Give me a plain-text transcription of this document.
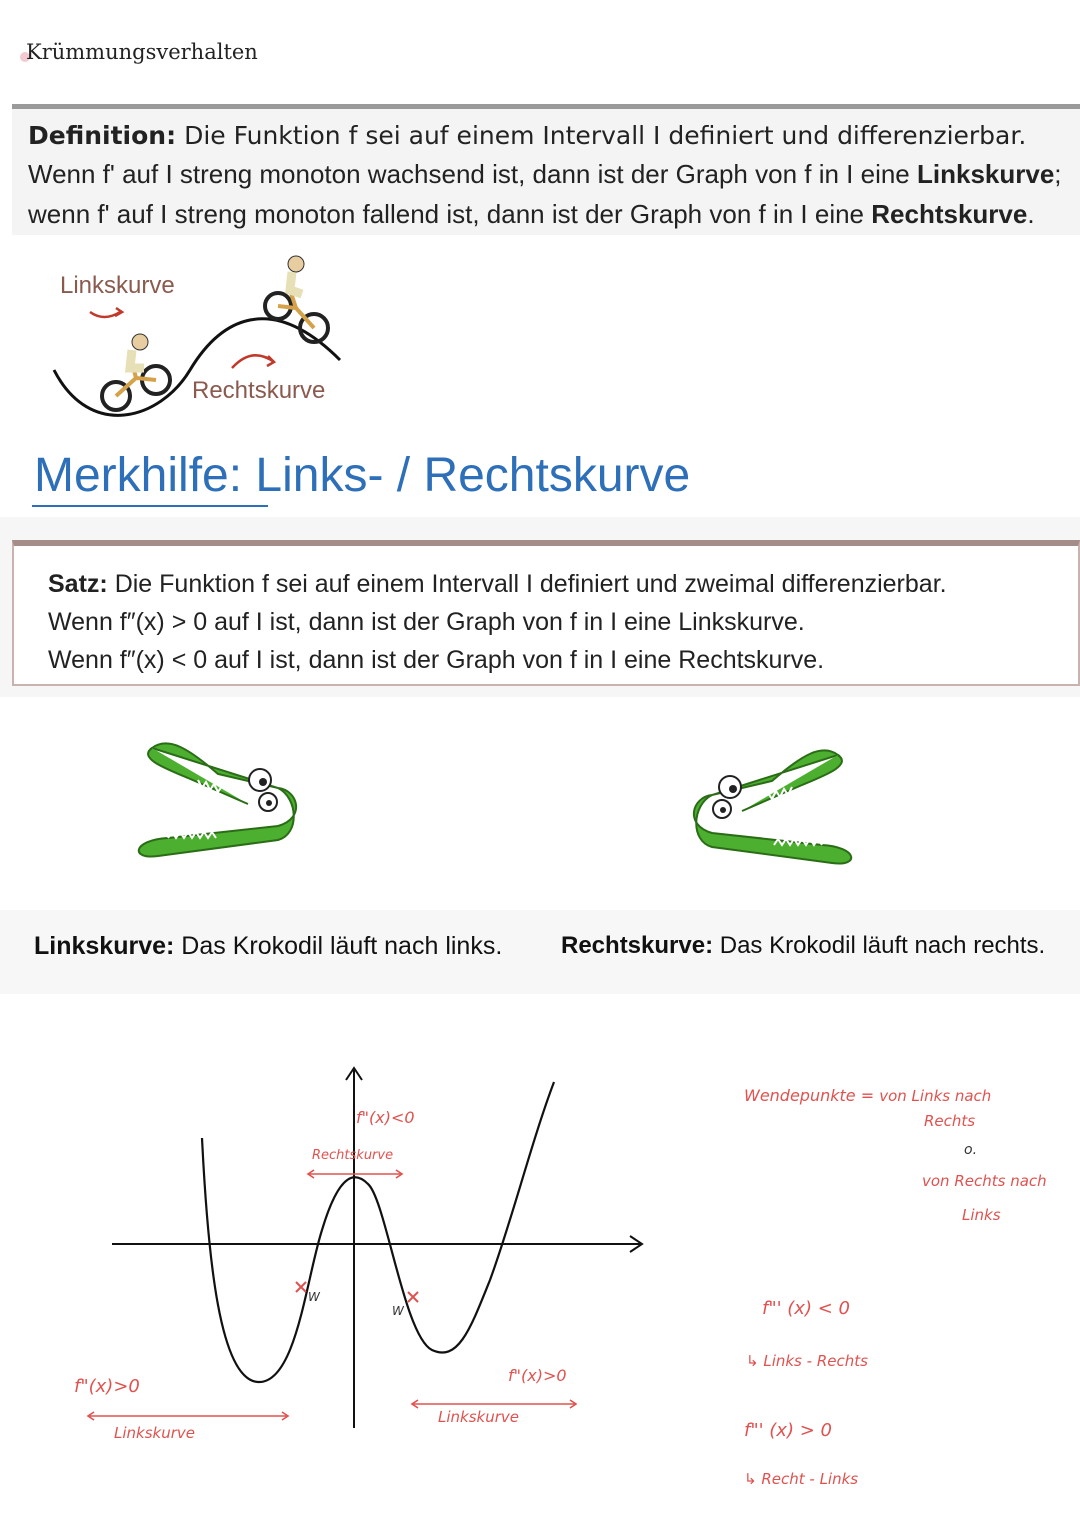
Krümmungsverhalten

Definition: Die Funktion f sei auf einem Intervall I definiert und differenzierbar.

Wenn f' auf I streng monoton wachsend ist, dann ist der Graph von f in I eine Linkskurve;

wenn f' auf I streng monoton fallend ist, dann ist der Graph von f in I eine Rechtskurve.

Linkskurve
Rechtskurve
Merkhilfe: Links- / Rechtskurve

Satz: Die Funktion f sei auf einem Intervall I definiert und zweimal differenzierbar.

Wenn f″(x) > 0 auf I ist, dann ist der Graph von f in I eine Linkskurve.

Wenn f″(x) < 0 auf I ist, dann ist der Graph von f in I eine Rechtskurve.

Linkskurve: Das Krokodil läuft nach links. Rechtskurve: Das Krokodil läuft nach rechts.
f"(x)<0
Rechtskurve
f"(x)>0
Linkskurve
f"(x)>0
Linkskurve
W
W
Wendepunkte = von Links nach
Rechts
o.
von Rechts nach
Links
f"' (x) < 0
↳ Links - Rechts
f"' (x) > 0
↳ Recht - Links
